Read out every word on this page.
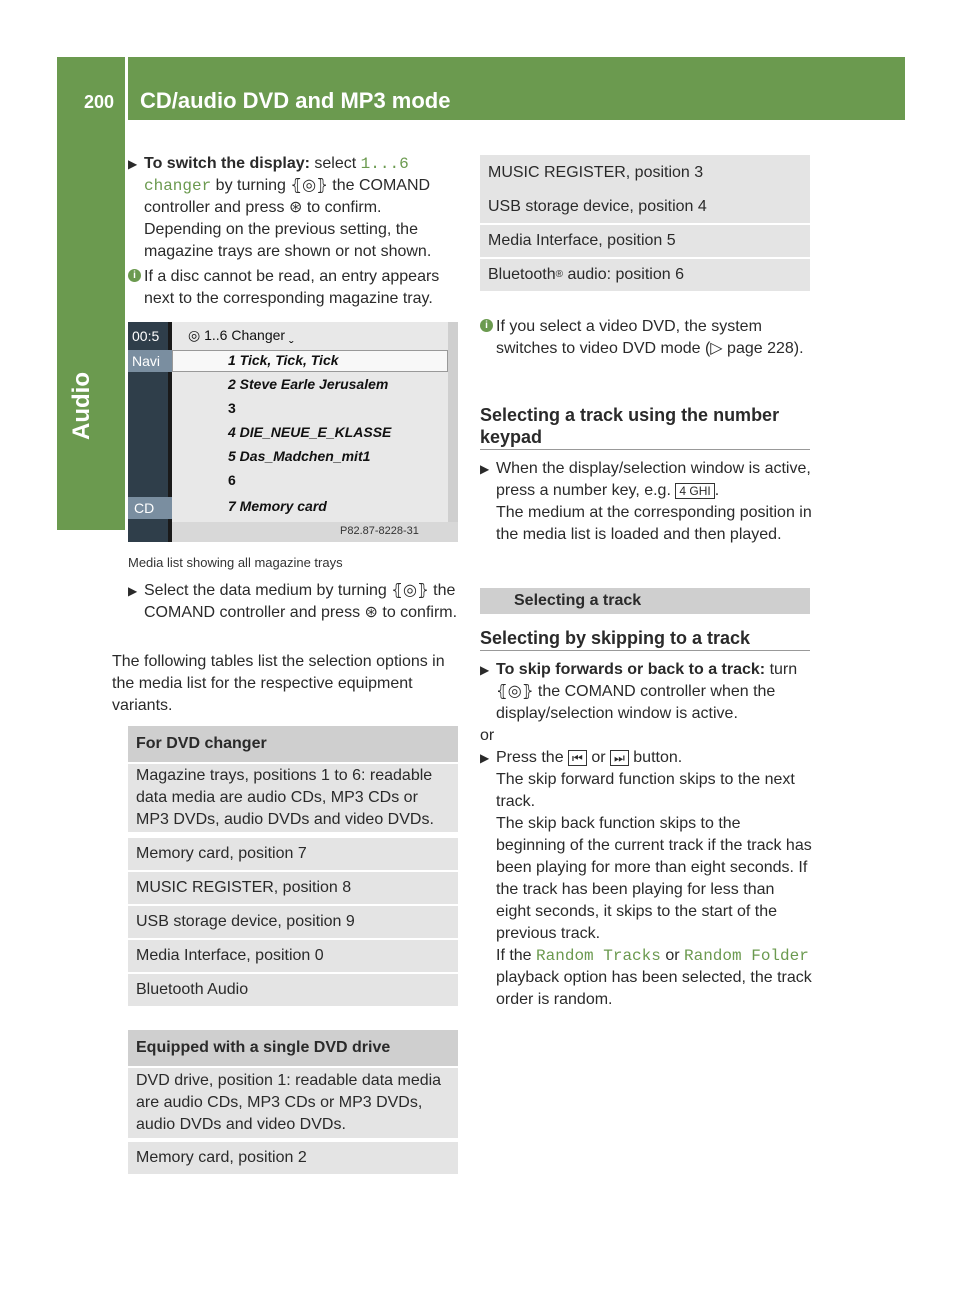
200 CD/audio DVD and MP3 mode
Audio

▶ To switch the display: select 1...6 changer by turning ⦃◎⦄ the COMAND controller and press ⊛ to confirm.

Depending on the previous setting, the magazine trays are shown or not shown.

i If a disc cannot be read, an entry appears next to the corresponding magazine tray.

00:5
Navi
CD
◎ 1..6 Changer ˬ
1 Tick, Tick, Tick
2 Steve Earle Jerusalem
3
4 DIE_NEUE_E_KLASSE
5 Das_Madchen_mit1
6
7 Memory card
P82.87-8228-31
Media list showing all magazine trays

▶ Select the data medium by turning ⦃◎⦄ the COMAND controller and press ⊛ to confirm.

The following tables list the selection options in the media list for the respective equipment variants.

For DVD changer
Magazine trays, positions 1 to 6: readable data media are audio CDs, MP3 CDs or MP3 DVDs, audio DVDs and video DVDs.
Memory card, position 7
MUSIC REGISTER, position 8
USB storage device, position 9
Media Interface, position 0
Bluetooth Audio
Equipped with a single DVD drive
DVD drive, position 1: readable data media are audio CDs, MP3 CDs or MP3 DVDs, audio DVDs and video DVDs.
Memory card, position 2
MUSIC REGISTER, position 3
USB storage device, position 4
Media Interface, position 5
Bluetooth ®
audio: position 6

i If you select a video DVD, the system switches to video DVD mode (▷ page 228).

Selecting a track using the number keypad

▶ When the display/selection window is active, press a number key, e.g. 4 GHI .

The medium at the corresponding position in the media list is loaded and then played.

Selecting a track
Selecting by skipping to a track

▶ To skip forwards or back to a track: turn ⦃◎⦄ the COMAND controller when the display/selection window is active.

or

▶ Press the ⏮ or ⏭ button.

The skip forward function skips to the next track.

The skip back function skips to the beginning of the current track if the track has been playing for more than eight seconds. If the track has been playing for less than eight seconds, it skips to the start of the previous track.

If the Random Tracks or Random Folder playback option has been selected, the track order is random.
